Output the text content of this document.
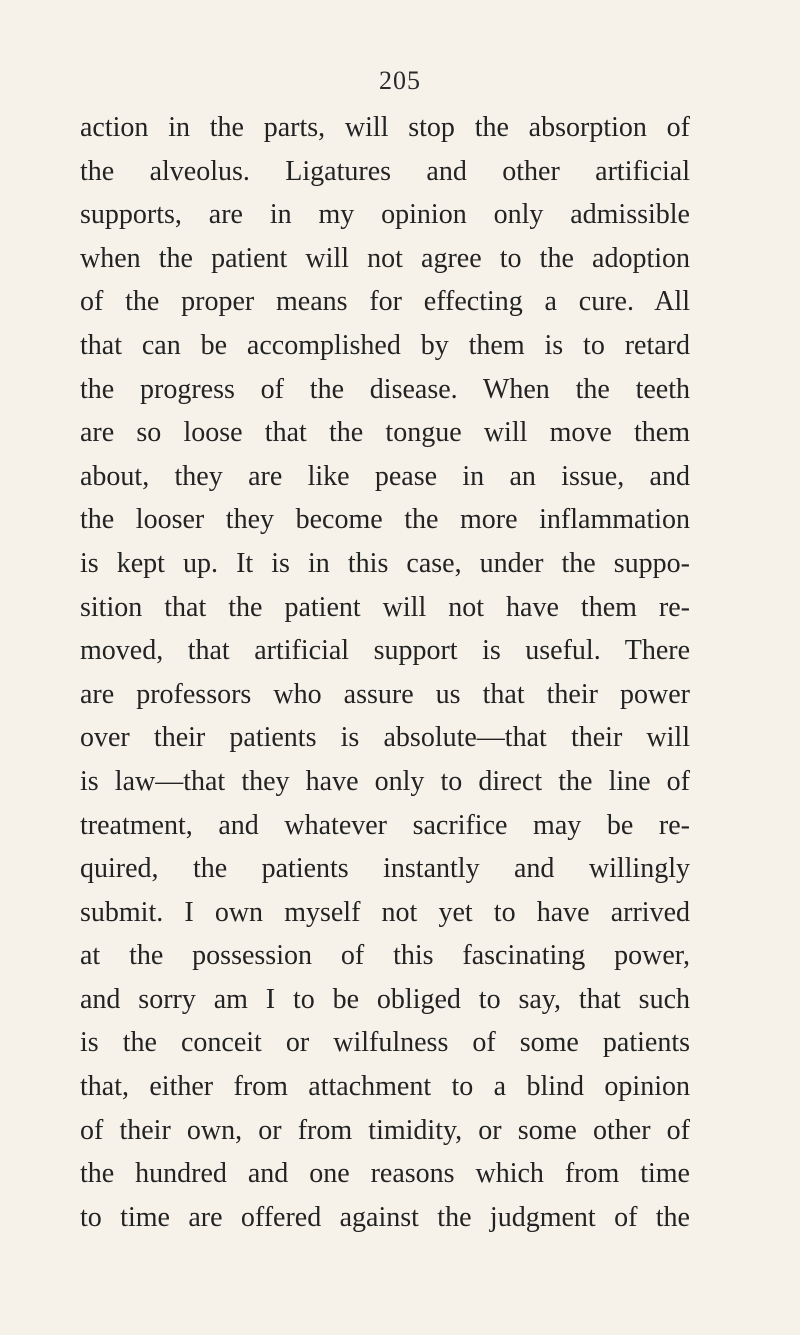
205
action in the parts, will stop the absorption of
the alveolus. Ligatures and other artificial
supports, are in my opinion only admissible
when the patient will not agree to the adoption
of the proper means for effecting a cure. All
that can be accomplished by them is to retard
the progress of the disease. When the teeth
are so loose that the tongue will move them
about, they are like pease in an issue, and
the looser they become the more inflammation
is kept up. It is in this case, under the suppo-
sition that the patient will not have them re-
moved, that artificial support is useful. There
are professors who assure us that their power
over their patients is absolute—that their will
is law—that they have only to direct the line of
treatment, and whatever sacrifice may be re-
quired, the patients instantly and willingly
submit. I own myself not yet to have arrived
at the possession of this fascinating power,
and sorry am I to be obliged to say, that such
is the conceit or wilfulness of some patients
that, either from attachment to a blind opinion
of their own, or from timidity, or some other of
the hundred and one reasons which from time
to time are offered against the judgment of the
